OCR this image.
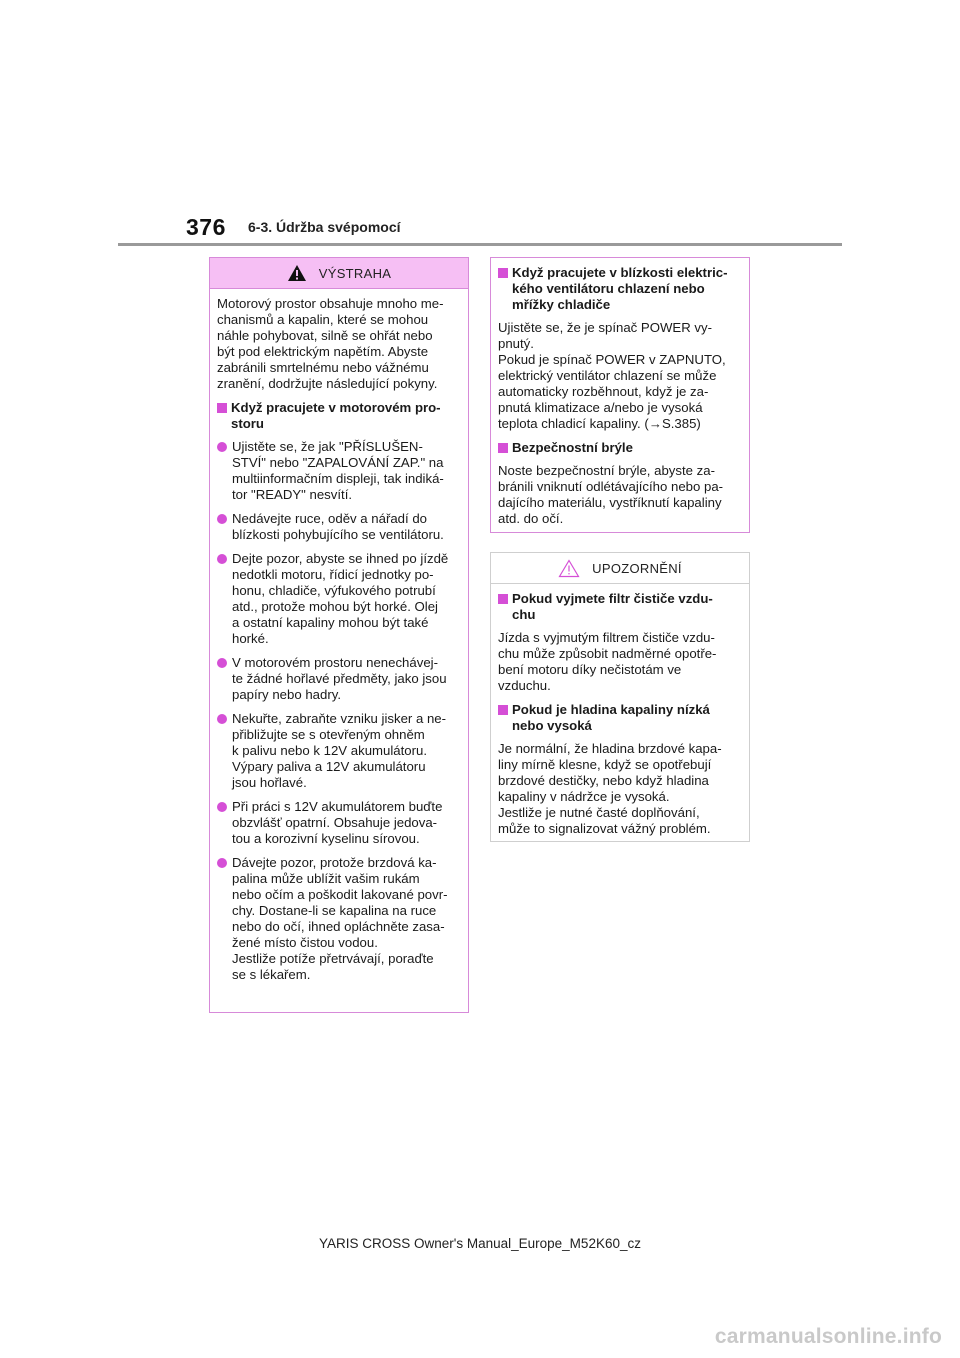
376 6-3. Údržba svépomocí
VÝSTRAHA

Motorový prostor obsahuje mnoho me-
chanismů a kapalin, které se mohou
náhle pohybovat, silně se ohřát nebo
být pod elektrickým napětím. Abyste
zabránili smrtelnému nebo vážnému
zranění, dodržujte následující pokyny.

Když pracujete v motorovém pro-
storu
Ujistěte se, že jak "PŘÍSLUŠEN-
STVÍ" nebo "ZAPALOVÁNÍ ZAP." na
multiinformačním displeji, tak indiká-
tor "READY" nesvítí.
Nedávejte ruce, oděv a nářadí do
blízkosti pohybujícího se ventilátoru.
Dejte pozor, abyste se ihned po jízdě
nedotkli motoru, řídicí jednotky po-
honu, chladiče, výfukového potrubí
atd., protože mohou být horké. Olej
a ostatní kapaliny mohou být také
horké.
V motorovém prostoru nenechávej-
te žádné hořlavé předměty, jako jsou
papíry nebo hadry.
Nekuřte, zabraňte vzniku jisker a ne-
přibližujte se s otevřeným ohněm
k palivu nebo k 12V akumulátoru.
Výpary paliva a 12V akumulátoru
jsou hořlavé.
Při práci s 12V akumulátorem buďte
obzvlášť opatrní. Obsahuje jedova-
tou a korozivní kyselinu sírovou.
Dávejte pozor, protože brzdová ka-
palina může ublížit vašim rukám
nebo očím a poškodit lakované povr-
chy. Dostane-li se kapalina na ruce
nebo do očí, ihned opláchněte zasa-
žené místo čistou vodou.
Jestliže potíže přetrvávají, poraďte
se s lékařem.
Když pracujete v blízkosti elektric-
kého ventilátoru chlazení nebo
mřížky chladiče

Ujistěte se, že je spínač POWER vy-
pnutý.
Pokud je spínač POWER v ZAPNUTO,
elektrický ventilátor chlazení se může
automaticky rozběhnout, když je za-
pnutá klimatizace a/nebo je vysoká
teplota chladicí kapaliny. (→S.385)

Bezpečnostní brýle

Noste bezpečnostní brýle, abyste za-
bránili vniknutí odlétávajícího nebo pa-
dajícího materiálu, vystříknutí kapaliny
atd. do očí.

UPOZORNĚNÍ
Pokud vyjmete filtr čističe vzdu-
chu

Jízda s vyjmutým filtrem čističe vzdu-
chu může způsobit nadměrné opotře-
bení motoru díky nečistotám ve
vzduchu.

Pokud je hladina kapaliny nízká
nebo vysoká

Je normální, že hladina brzdové kapa-
liny mírně klesne, když se opotřebují
brzdové destičky, nebo když hladina
kapaliny v nádržce je vysoká.
Jestliže je nutné časté doplňování,
může to signalizovat vážný problém.

YARIS CROSS Owner's Manual_Europe_M52K60_cz
carmanualsonline.info
